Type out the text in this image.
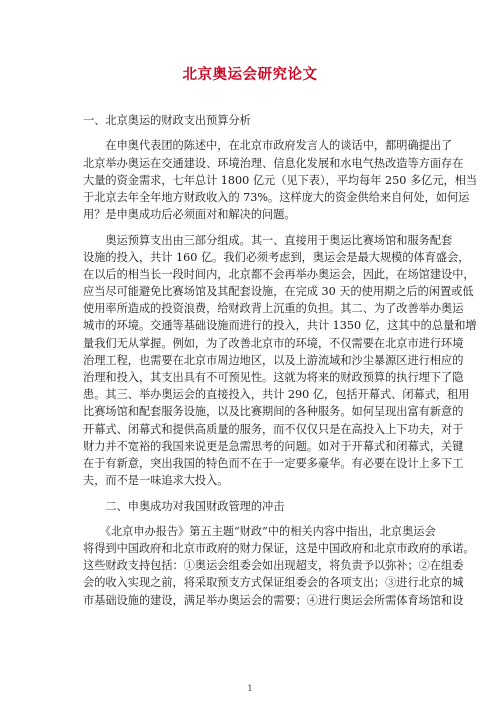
北京奥运会研究论文
一、北京奥运的财政支出预算分析
　　在申奥代表团的陈述中，在北京市政府发言人的谈话中，都明确提出了
北京举办奥运在交通建设、环境治理、信息化发展和水电气热改造等方面存在
大量的资金需求，七年总计 1800 亿元（见下表），平均每年 250 多亿元，相当
于北京去年全年地方财政收入的 73%。这样庞大的资金供给来自何处，如何运
用？是申奥成功后必须面对和解决的问题。
　　奥运预算支出由三部分组成。其一、直接用于奥运比赛场馆和服务配套
设施的投入，共计 160 亿。我们必须考虑到，奥运会是最大规模的体育盛会，
在以后的相当长一段时间内，北京都不会再举办奥运会，因此，在场馆建设中，
应当尽可能避免比赛场馆及其配套设施，在完成 30 天的使用期之后的闲置或低
使用率所造成的投资浪费，给财政背上沉重的负担。其二、为了改善举办奥运
城市的环境。交通等基础设施而进行的投入，共计 1350 亿，这其中的总量和增
量我们无从掌握。例如，为了改善北京市的环境，不仅需要在北京市进行环境
治理工程，也需要在北京市周边地区，以及上游流域和沙尘暴源区进行相应的
治理和投入，其支出具有不可预见性。这就为将来的财政预算的执行埋下了隐
患。其三、举办奥运会的直接投入，共计 290 亿，包括开幕式、闭幕式，租用
比赛场馆和配套服务设施，以及比赛期间的各种服务。如何呈现出富有新意的
开幕式、闭幕式和提供高质量的服务，而不仅仅只是在高投入上下功夫，对于
财力并不宽裕的我国来说更是急需思考的问题。如对于开幕式和闭幕式，关键
在于有新意，突出我国的特色而不在于一定要多豪华。有必要在设计上多下工
夫，而不是一味追求大投入。
　　二、申奥成功对我国财政管理的冲击
　　《北京申办报告》第五主题“财政”中的相关内容中指出，北京奥运会
将得到中国政府和北京市政府的财力保证，这是中国政府和北京市政府的承诺。
这些财政支持包括：①奥运会组委会如出现超支，将负责予以弥补；②在组委
会的收入实现之前，将采取预支方式保证组委会的各项支出；③进行北京的城
市基础设施的建设，满足举办奥运会的需要；④进行奥运会所需体育场馆和设
1
